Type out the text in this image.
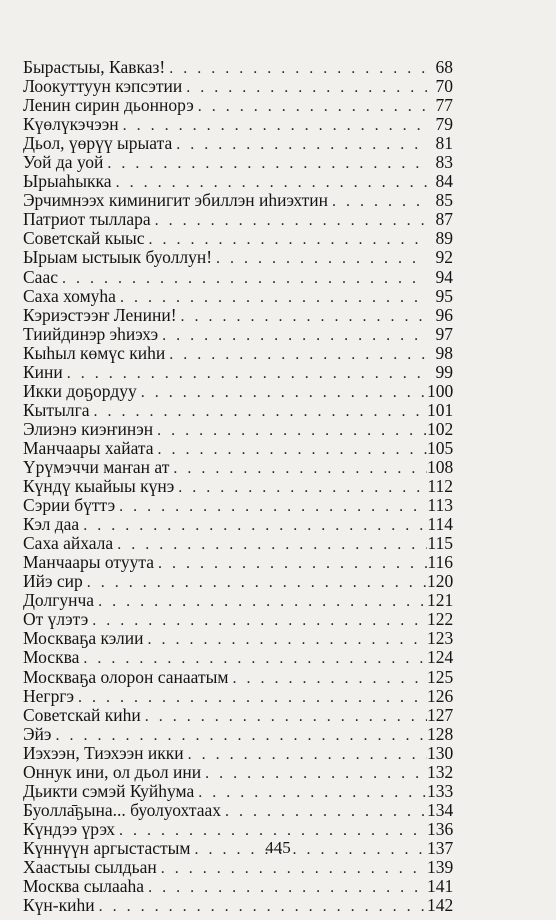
Бырастыы, Кавказ! . . .	68
Лоокуттуун кэпсэтии . . .	70
Ленин сирин дьоннорэ . . .	77
Күөлүкэчээн . . .	79
Дьол, үөрүү ырыата . . .	81
Уой да уой . . .	83
Ырыаһыкка . . .	84
Эрчимнээх киминигит эбиллэн иһиэхтин . . .	85
Патриот тыллара . . .	87
Советскай кыыс . . .	89
Ырыам ыстыык буоллун! . . .	92
Саас . . .	94
Саха хомуһа . . .	95
Кэриэстээҥ Ленини! . . .	96
Тиийдинэр эһиэхэ . . .	97
Кыһыл көмүс киһи . . .	98
Кини . . .	99
Икки доҕордуу . . .	100
Кытылга . . .	101
Элиэнэ киэҥинэн . . .	102
Манчаары хайата . . .	105
Үрүмэччи маҥан ат . . .	108
Күндү кыайыы күнэ . . .	112
Сэрии бүттэ . . .	113
Кэл даа . . .	114
Саха айхала . . .	115
Манчаары отуута . . .	116
Ийэ сир . . .	120
Долгунча . . .	121
От үлэтэ . . .	122
Москваҕа кэлии . . .	123
Москва . . .	124
Москваҕа олорон санаатым . . .	125
Негргэ . . .	126
Советскай киһи . . .	127
Эйэ . . .	128
Иэхээн, Тиэхээн икки . . .	130
Оннук ини, ол дьол ини . . .	132
Дьикти сэмэй Куйһума . . .	133
Буолла̄ҕына... буолуохтаах . . .	134
Күндээ үрэх . . .	136
Күннүүн аргыстастым . . .	137
Хаастыы сылдьан . . .	139
Москва сылааһа . . .	141
Күн-киһи . . .	142
445
